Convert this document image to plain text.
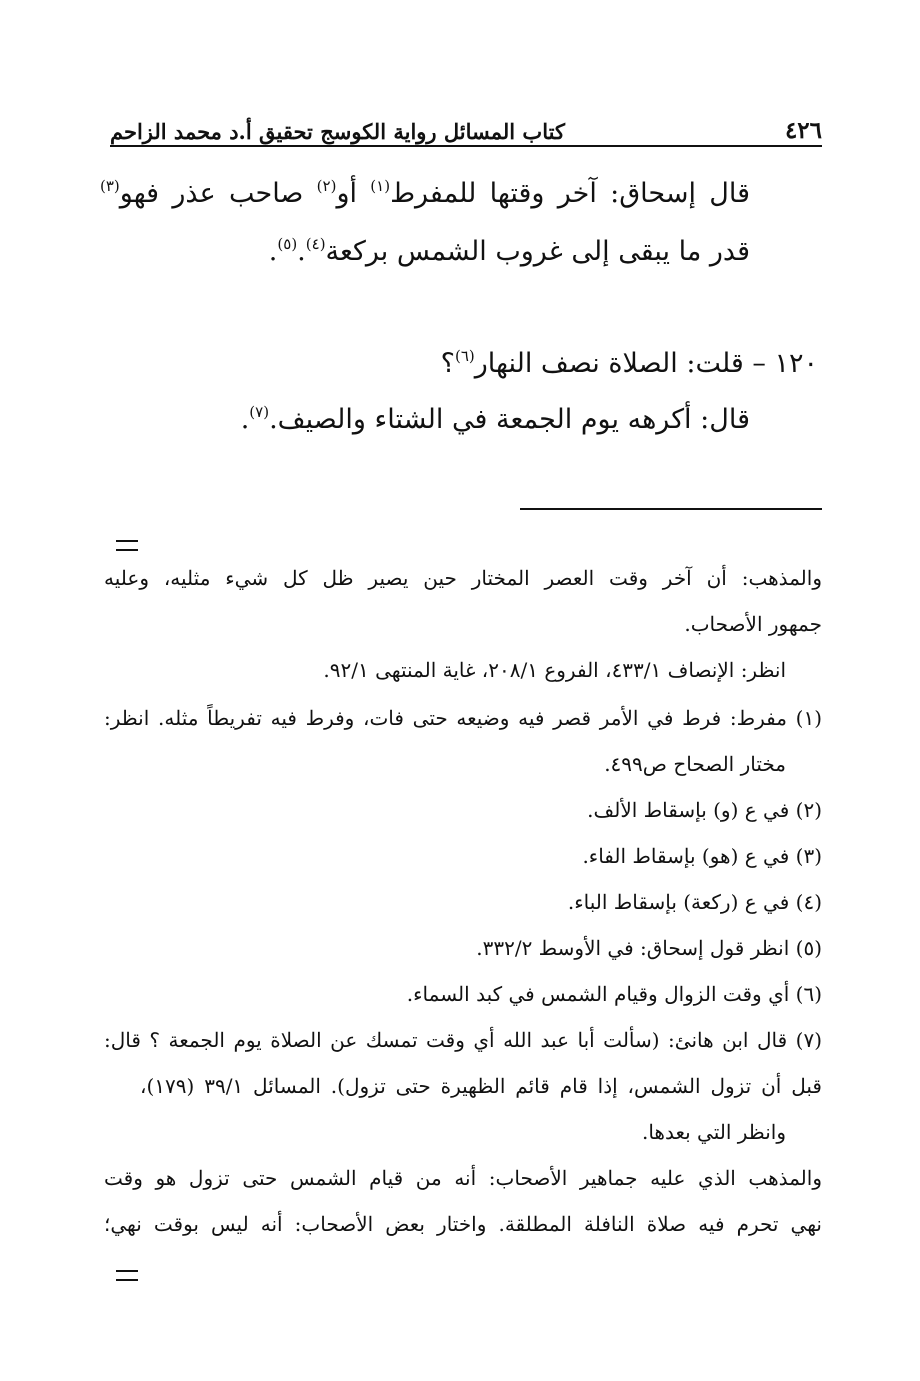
كتاب المسائل رواية الكوسج تحقيق أ.د محمد الزاحم	٤٢٦
قال إسحاق: آخر وقتها للمفرط$^{(١)}$ أو$^{(٢)}$ صاحب عذر فهو$^{(٣)}$
قدر ما يبقى إلى غروب الشمس بركعة$^{(٤)}$.$^{(٥)}$.
١٢٠ – قلت: الصلاة نصف النهار$^{(٦)}$؟
قال: أكرهه يوم الجمعة في الشتاء والصيف.$^{(٧)}$.
والمذهب: أن آخر وقت العصر المختار حين يصير ظل كل شيء مثليه، وعليه
جمهور الأصحاب.
انظر: الإنصاف ٤٣٣/١، الفروع ٢٠٨/١، غاية المنتهى ٩٢/١.
(١) مفرط: فرط في الأمر قصر فيه وضيعه حتى فات، وفرط فيه تفريطاً مثله. انظر:
مختار الصحاح ص٤٩٩.
(٢) في ع (و) بإسقاط الألف.
(٣) في ع (هو) بإسقاط الفاء.
(٤) في ع (ركعة) بإسقاط الباء.
(٥) انظر قول إسحاق: في الأوسط ٣٣٢/٢.
(٦) أي وقت الزوال وقيام الشمس في كبد السماء.
(٧) قال ابن هانئ: (سألت أبا عبد الله أي وقت تمسك عن الصلاة يوم الجمعة ؟ قال:
قبل أن تزول الشمس، إذا قام قائم الظهيرة حتى تزول). المسائل ٣٩/١ (١٧٩)،
وانظر التي بعدها.
والمذهب الذي عليه جماهير الأصحاب: أنه من قيام الشمس حتى تزول هو وقت
نهي تحرم فيه صلاة النافلة المطلقة. واختار بعض الأصحاب: أنه ليس بوقت نهي؛
